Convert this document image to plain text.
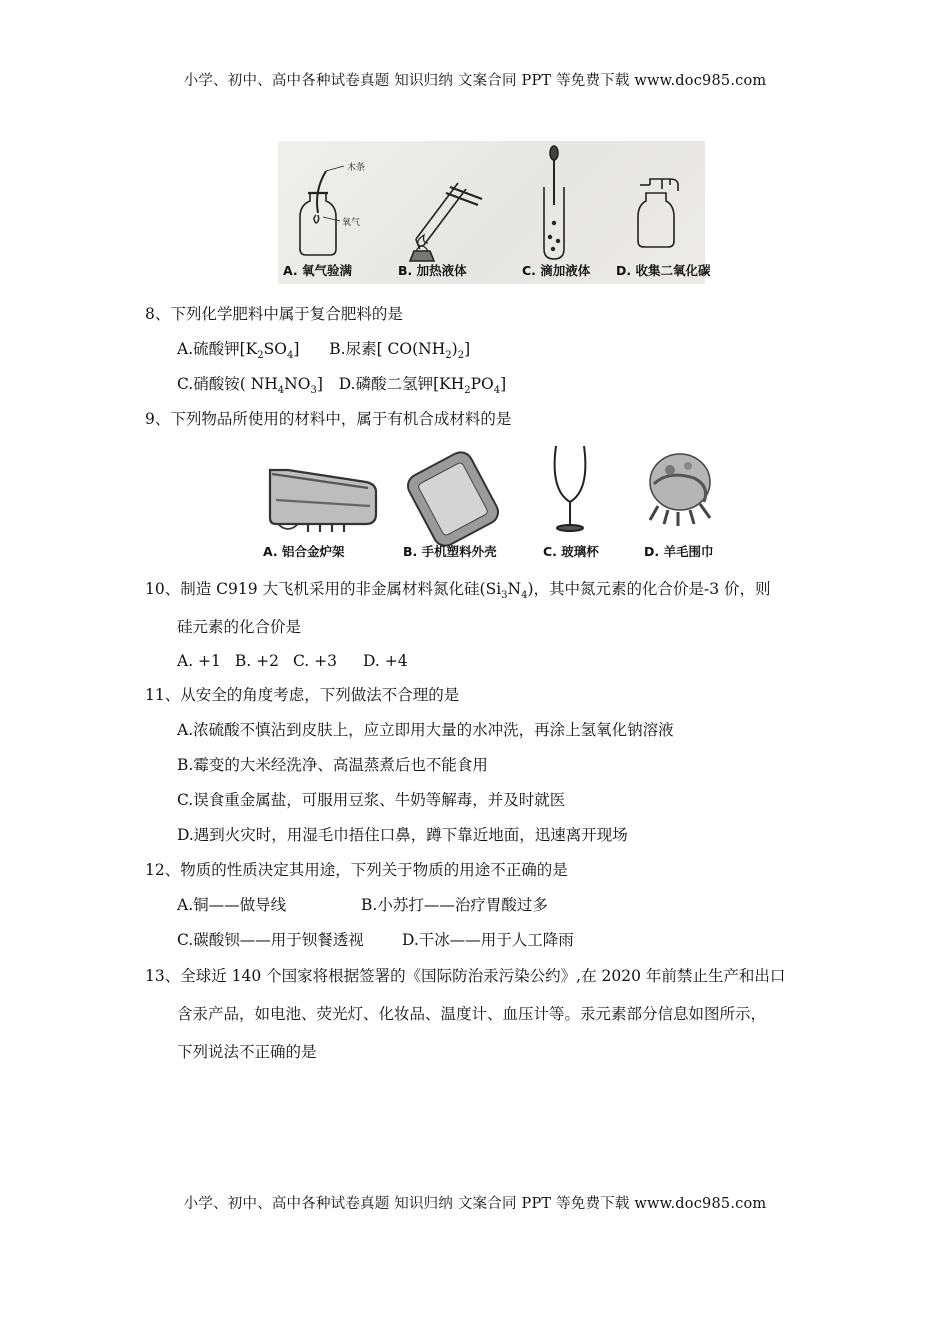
小学、初中、高中各种试卷真题 知识归纳 文案合同 PPT 等免费下载 www.doc985.com
木条
氧气
A. 氧气验满	B. 加热液体	C. 滴加液体 D. 收集二氧化碳

8、下列化学肥料中属于复合肥料的是

A.硫酸钾$[K_2SO_4]$ B.尿素[ $CO(NH_2)_2$]

C.硝酸铵( $NH_4NO_3$] D.磷酸二氢钾$[KH_2PO_4]$

9、下列物品所使用的材料中，属于有机合成材料的是

A. 铝合金炉架	B. 手机塑料外壳	C. 玻璃杯	D. 羊毛围巾

10、制造 C919 大飞机采用的非金属材料氮化硅$(Si_3N_4)$，其中氮元素的化合价是-3 价，则

硅元素的化合价是

A. +1 B. +2 C. +3 D. +4

11、从安全的角度考虑，下列做法不合理的是

A.浓硫酸不慎沾到皮肤上，应立即用大量的水冲洗，再涂上氢氧化钠溶液

B.霉变的大米经洗净、高温蒸煮后也不能食用

C.误食重金属盐，可服用豆浆、牛奶等解毒，并及时就医

D.遇到火灾时，用湿毛巾捂住口鼻，蹲下靠近地面，迅速离开现场

12、物质的性质决定其用途，下列关于物质的用途不正确的是

A.铜——做导线	B.小苏打——治疗胃酸过多

C.碳酸钡——用于钡餐透视 D.干冰——用于人工降雨

13、全球近 140 个国家将根据签署的《国际防治汞污染公约》,在 2020 年前禁止生产和出口

含汞产品，如电池、荧光灯、化妆品、温度计、血压计等。汞元素部分信息如图所示，

下列说法不正确的是

小学、初中、高中各种试卷真题 知识归纳 文案合同 PPT 等免费下载 www.doc985.com
